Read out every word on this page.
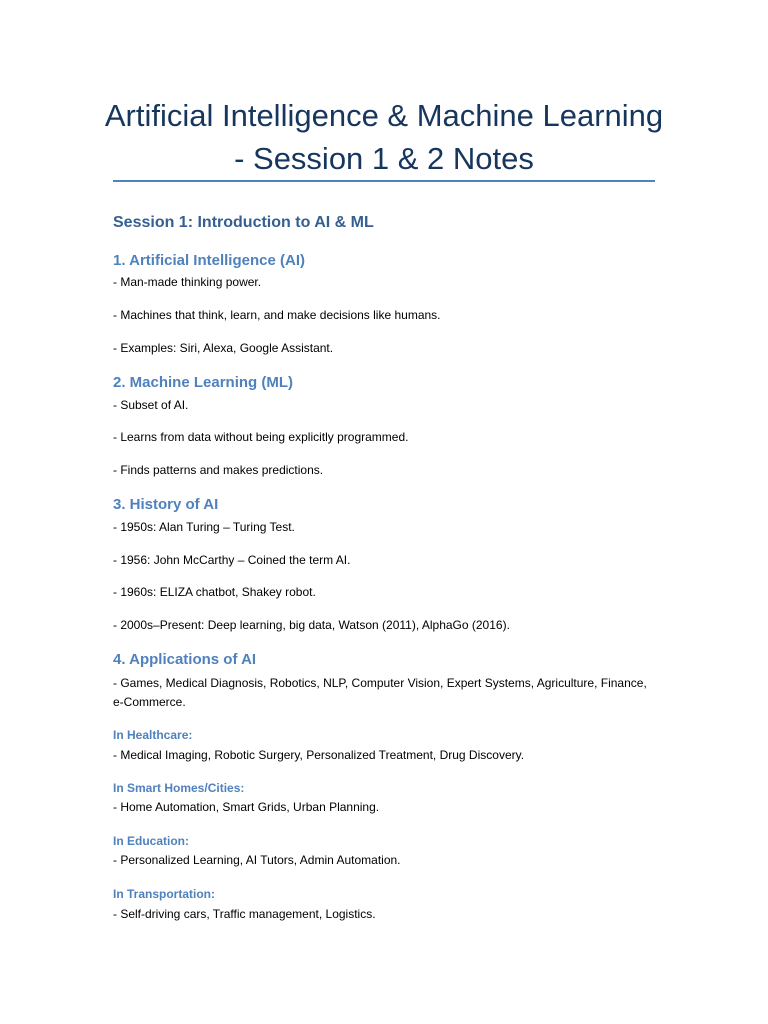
Artificial Intelligence & Machine Learning - Session 1 & 2 Notes
Session 1: Introduction to AI & ML
1. Artificial Intelligence (AI)
- Man-made thinking power.
- Machines that think, learn, and make decisions like humans.
- Examples: Siri, Alexa, Google Assistant.
2. Machine Learning (ML)
- Subset of AI.
- Learns from data without being explicitly programmed.
- Finds patterns and makes predictions.
3. History of AI
- 1950s: Alan Turing – Turing Test.
- 1956: John McCarthy – Coined the term AI.
- 1960s: ELIZA chatbot, Shakey robot.
- 2000s–Present: Deep learning, big data, Watson (2011), AlphaGo (2016).
4. Applications of AI
- Games, Medical Diagnosis, Robotics, NLP, Computer Vision, Expert Systems, Agriculture, Finance, e-Commerce.
In Healthcare:
- Medical Imaging, Robotic Surgery, Personalized Treatment, Drug Discovery.
In Smart Homes/Cities:
- Home Automation, Smart Grids, Urban Planning.
In Education:
- Personalized Learning, AI Tutors, Admin Automation.
In Transportation:
- Self-driving cars, Traffic management, Logistics.
